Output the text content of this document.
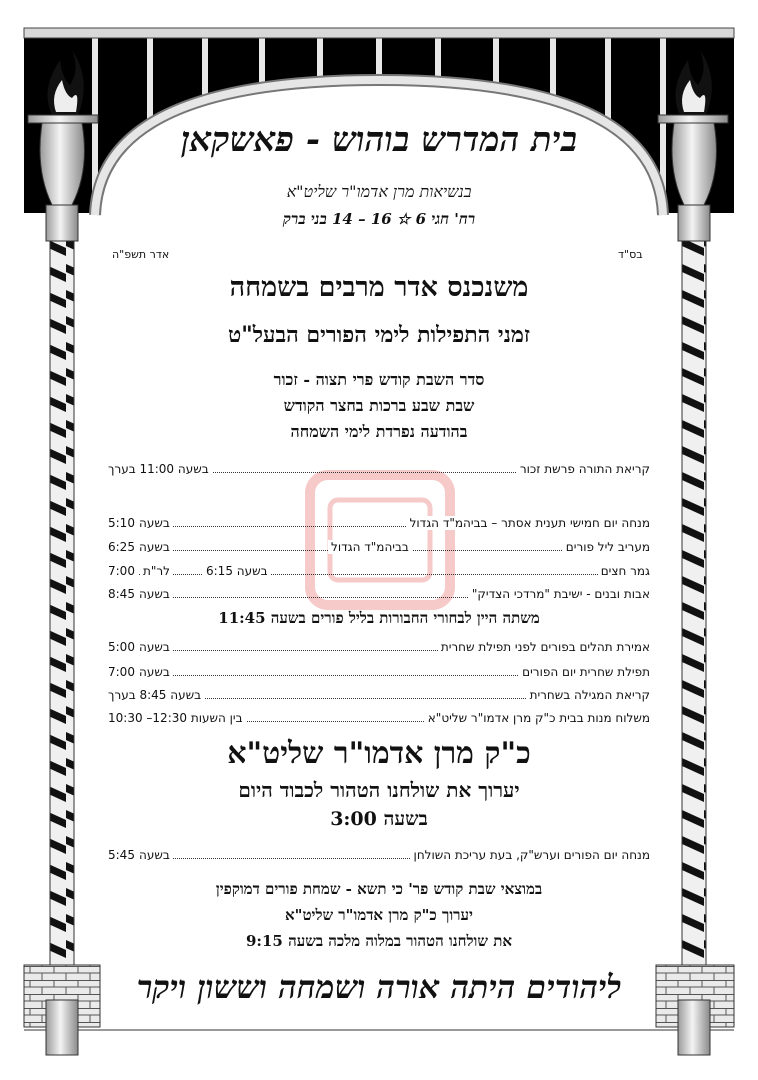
בית המדרש בוהוש - פאשקאן
בנשיאות מרן אדמו"ר שליט"א
רח' חגי 6 ☆ 16 – 14 בני ברק
בס"ד
אדר תשפ"ה
משנכנס אדר מרבים בשמחה
זמני התפילות לימי הפורים הבעל"ט
סדר השבת קודש פרי תצוה - זכור
שבת שבע ברכות בחצר הקודש
בהודעה נפרדת לימי השמחה
קריאת התורה פרשת זכור
בשעה 11:00 בערך
מנחה יום חמישי תענית אסתר – בביהמ"ד הגדול
בשעה
5:10
מעריב ליל פורים
בביהמ"ד הגדול
בשעה
6:25
גמר חצים
בשעה 6:15
לר"ת
7:00
אבות ובנים - ישיבת "מרדכי הצדיק"
בשעה
8:45
משתה היין לבחורי החבורות בליל פורים בשעה 11:45
אמירת תהלים בפורים לפני תפילת שחרית
בשעה
5:00
תפילת שחרית יום הפורים
בשעה
7:00
קריאת המגילה בשחרית
בשעה 8:45 בערך
משלוח מנות בבית כ"ק מרן אדמו"ר שליט"א
בין השעות 12:30– 10:30
כ"ק מרן אדמו"ר שליט"א
יערוך את שולחנו הטהור לכבוד היום
בשעה 3:00
מנחה יום הפורים וערש"ק, בעת עריכת השולחן
בשעה
5:45
במוצאי שבת קודש פר' כי תשא - שמחת פורים דמוקפין
יערוך כ"ק מרן אדמו"ר שליט"א
את שולחנו הטהור במלוה מלכה בשעה 9:15
ליהודים היתה אורה ושמחה וששון ויקר
